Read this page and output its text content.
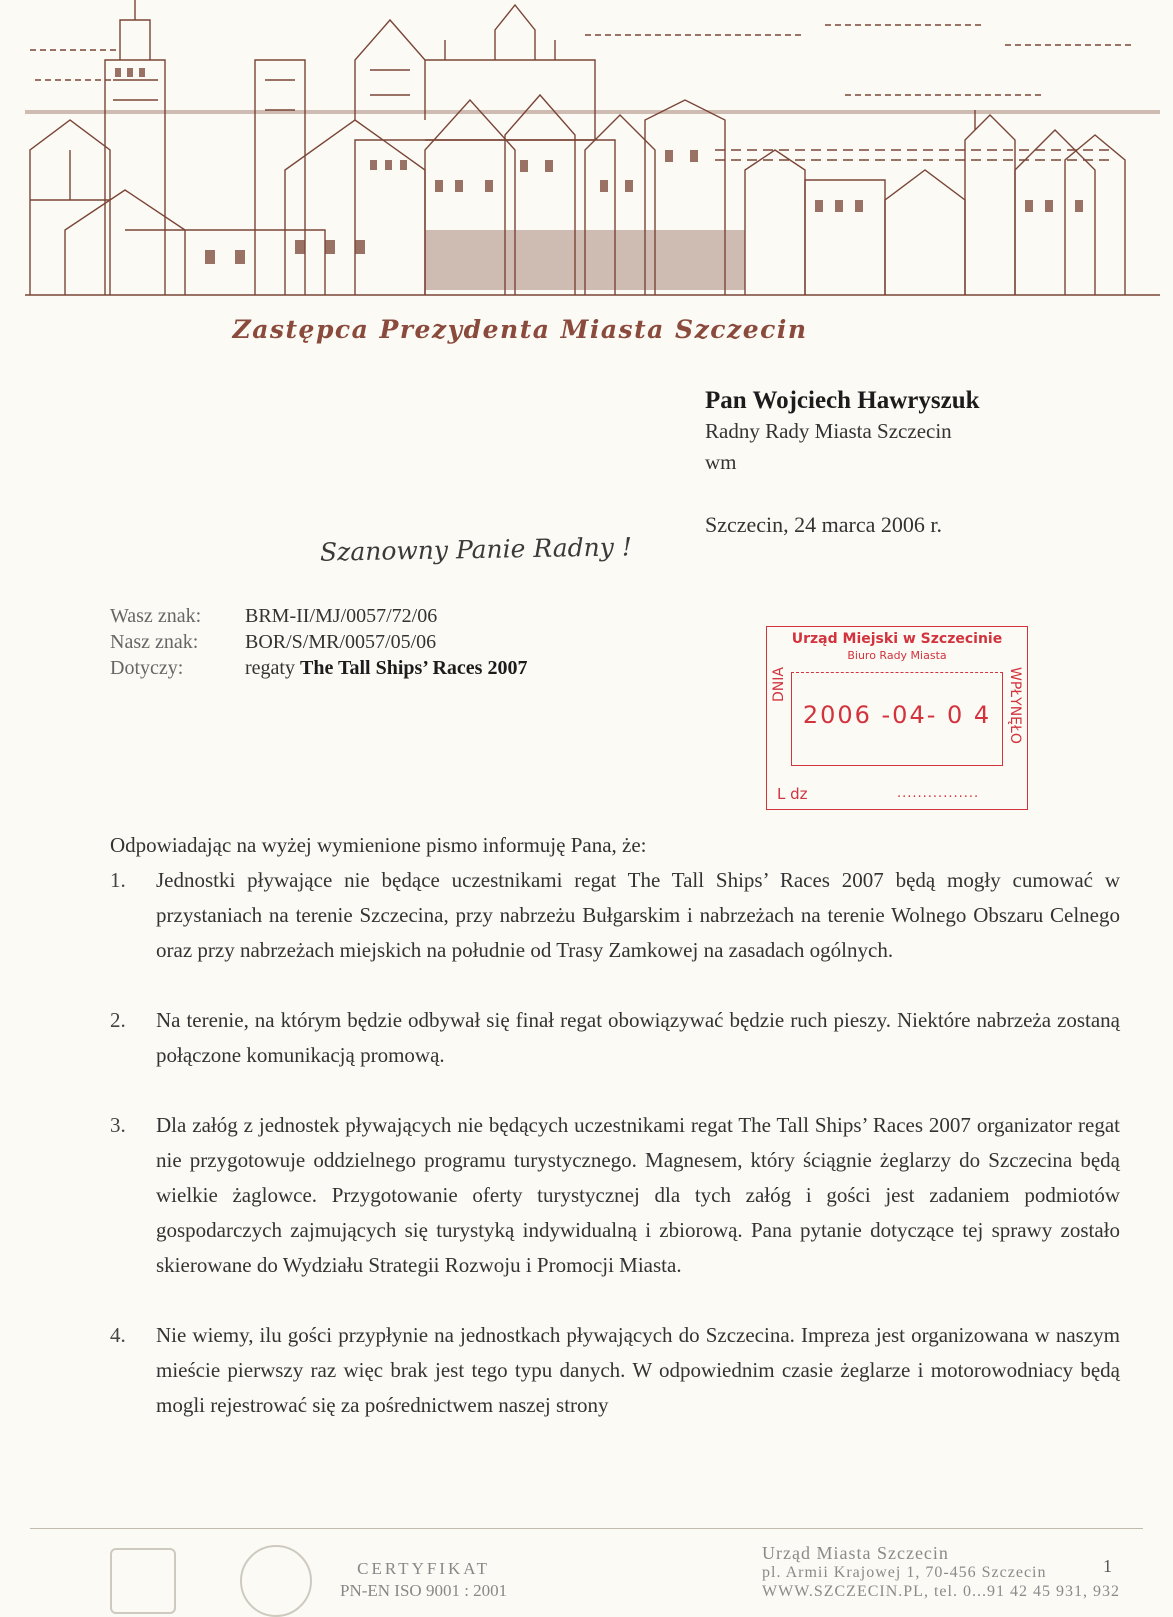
Zastępca Prezydenta Miasta Szczecin
Pan Wojciech Hawryszuk
Radny Rady Miasta Szczecin
wm
Szczecin, 24 marca 2006 r.
Szanowny Panie Radny !
Wasz znak:	BRM-II/MJ/0057/72/06
Nasz znak:	BOR/S/MR/0057/05/06
Dotyczy:	regaty The Tall Ships’ Races 2007
Urząd Miejski w Szczecinie
Biuro Rady Miasta
DNIA	WPŁYNĘŁO
2006 -04- 0 4
L dz	................

Odpowiadając na wyżej wymienione pismo informuję Pana, że:

1.	Jednostki pływające nie będące uczestnikami regat The Tall Ships’ Races 2007 będą mogły cumować w przystaniach na terenie Szczecina, przy nabrzeżu Bułgarskim i nabrzeżach na terenie Wolnego Obszaru Celnego oraz przy nabrzeżach miejskich na południe od Trasy Zamkowej na zasadach ogólnych.
2.	Na terenie, na którym będzie odbywał się finał regat obowiązywać będzie ruch pieszy. Niektóre nabrzeża zostaną połączone komunikacją promową.
3.	Dla załóg z jednostek pływających nie będących uczestnikami regat The Tall Ships’ Races 2007 organizator regat nie przygotowuje oddzielnego programu turystycznego. Magnesem, który ściągnie żeglarzy do Szczecina będą wielkie żaglowce. Przygotowanie oferty turystycznej dla tych załóg i gości jest zadaniem podmiotów gospodarczych zajmujących się turystyką indywidualną i zbiorową. Pana pytanie dotyczące tej sprawy zostało skierowane do Wydziału Strategii Rozwoju i Promocji Miasta.
4.	Nie wiemy, ilu gości przypłynie na jednostkach pływających do Szczecina. Impreza jest organizowana w naszym mieście pierwszy raz więc brak jest tego typu danych. W odpowiednim czasie żeglarze i motorowodniacy będą mogli rejestrować się za pośrednictwem naszej strony
CERTYFIKAT
PN-EN ISO 9001 : 2001
Urząd Miasta Szczecin
pl. Armii Krajowej 1, 70-456 Szczecin
WWW.SZCZECIN.PL, tel. 0...91 42 45 931, 932
1
